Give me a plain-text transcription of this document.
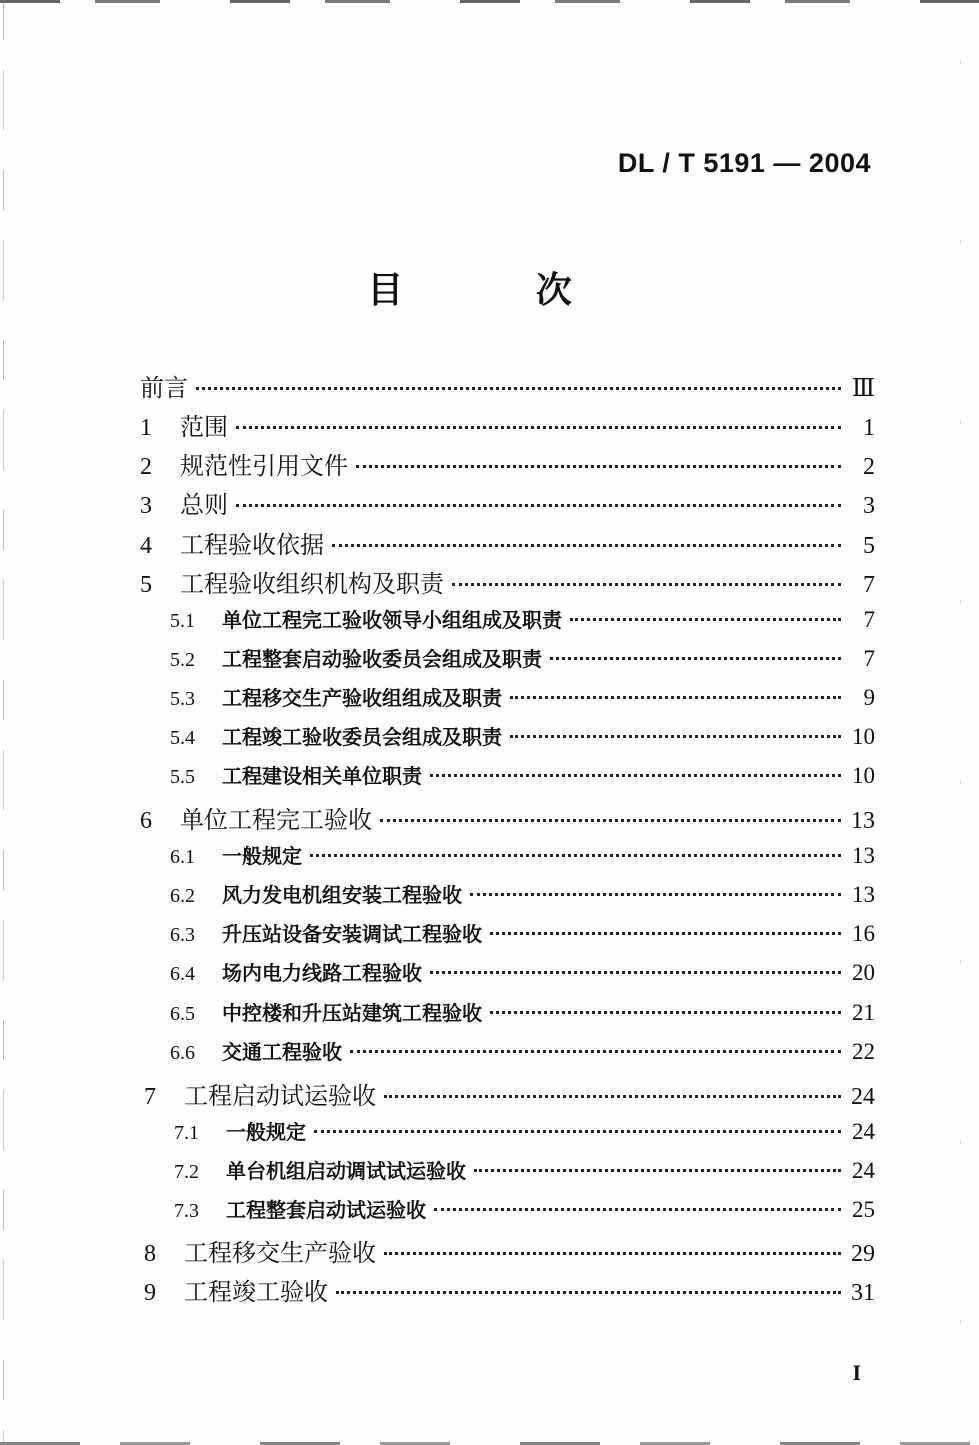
DL / T 5191 — 2004
目 次
前言	Ⅲ
1	范围	1
2	规范性引用文件	2
3	总则	3
4	工程验收依据	5
5	工程验收组织机构及职责	7
5.1	单位工程完工验收领导小组组成及职责	7
5.2	工程整套启动验收委员会组成及职责	7
5.3	工程移交生产验收组组成及职责	9
5.4	工程竣工验收委员会组成及职责	10
5.5	工程建设相关单位职责	10
6	单位工程完工验收	13
6.1	一般规定	13
6.2	风力发电机组安装工程验收	13
6.3	升压站设备安装调试工程验收	16
6.4	场内电力线路工程验收	20
6.5	中控楼和升压站建筑工程验收	21
6.6	交通工程验收	22
7	工程启动试运验收	24
7.1	一般规定	24
7.2	单台机组启动调试试运验收	24
7.3	工程整套启动试运验收	25
8	工程移交生产验收	29
9	工程竣工验收	31
I
